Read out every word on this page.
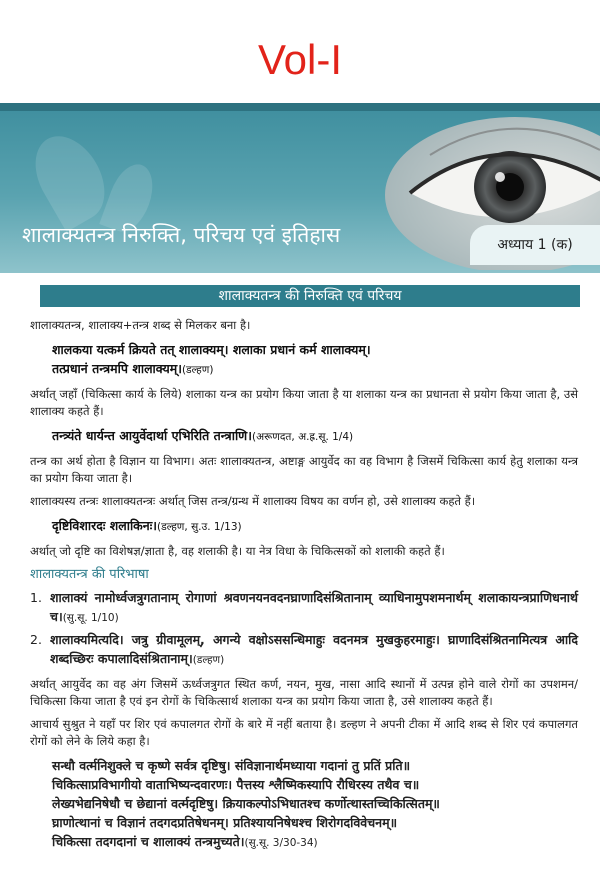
Vol-I
शालाक्यतन्त्र निरुक्ति, परिचय एवं इतिहास	अध्याय 1 (क)
शालाक्यतन्त्र की निरुक्ति एवं परिचय

शालाक्यतन्त्र, शालाक्य+तन्त्र शब्द से मिलकर बना है।

शालकया यत्कर्म क्रियते तत् शालाक्यम्। शलाका प्रधानं कर्म शालाक्यम्।
तत्प्रधानं तन्त्रमपि शालाक्यम्।(डल्हण)

अर्थात् जहाँ (चिकित्सा कार्य के लिये) शलाका यन्त्र का प्रयोग किया जाता है या शलाका यन्त्र का प्रधानता से प्रयोग किया जाता है, उसे शालाक्य कहते हैं।

तन्त्र्यंते धार्यन्त आयुर्वेदार्था एभिरिति तन्त्राणि।(अरूणदत, अ.ह्र.सू. 1/4)

तन्त्र का अर्थ होता है विज्ञान या विभाग। अतः शालाक्यतन्त्र, अष्टाङ्ग आयुर्वेद का वह विभाग है जिसमें चिकित्सा कार्य हेतु शलाका यन्त्र का प्रयोग किया जाता है।

शालाक्यस्य तन्त्रः शालाक्यतन्त्रः अर्थात् जिस तन्त्र/ग्रन्थ में शालाक्य विषय का वर्णन हो, उसे शालाक्य कहते हैं।

दृष्टिविशारदः शलाकिनः।(डल्हण, सु.उ. 1/13)

अर्थात् जो दृष्टि का विशेषज्ञ/ज्ञाता है, वह शलाकी है। या नेत्र विधा के चिकित्सकों को शलाकी कहते हैं।

शालाक्यतन्त्र की परिभाषा
1. शालाक्यं नामोर्ध्वजत्रुगतानाम् रोगाणां श्रवणनयनवदनघ्राणादिसंश्रितानाम् व्याधिनामुपशमनार्थम् शलाकायन्त्रप्राणिधनार्थ च।(सु.सू. 1/10)
2. शालाक्यमित्यदि। जत्रु ग्रीवामूलम्, अगन्ये वक्षोऽससन्धिमाहुः वदनमत्र मुखकुहरमाहुः। घ्राणादिसंश्रितनामित्यत्र आदि शब्दच्छिरः कपालादिसंश्रितानाम्।(डल्हण)

अर्थात् आयुर्वेद का वह अंग जिसमें ऊर्ध्वजत्रुगत स्थित कर्ण, नयन, मुख, नासा आदि स्थानों में उत्पन्न होने वाले रोगों का उपशमन/चिकित्सा किया जाता है एवं इन रोगों के चिकित्सार्थ शलाका यन्त्र का प्रयोग किया जाता है, उसे शालाक्य कहते हैं।

आचार्य सुश्रुत ने यहाँ पर शिर एवं कपालगत रोगों के बारे में नहीं बताया है। डल्हण ने अपनी टीका में आदि शब्द से शिर एवं कपालगत रोगों को लेने के लिये कहा है।

सन्धौ वर्त्मनिशुक्ले च कृष्णे सर्वत्र दृष्टिषु। संविज्ञानार्थमध्याया गदानां तु प्रतिं प्रति॥
चिकित्साप्रविभागीयो वाताभिष्यन्दवारणः। पैत्तस्य श्लैष्मिकस्यापि रौधिरस्य तथैव च॥
लेख्यभेद्यनिषेधौ च छेद्यानां वर्त्मदृष्टिषु। क्रियाकल्पोऽभिधातश्च कर्णोत्थास्तच्चिकित्सितम्॥
घ्राणोत्थानां च विज्ञानं तदगदप्रतिषेधनम्। प्रतिश्यायनिषेधश्च शिरोगदविवेचनम्॥
चिकित्सा तदगदानां च शालाक्यं तन्त्रमुच्यते।(सु.सू. 3/30-34)
